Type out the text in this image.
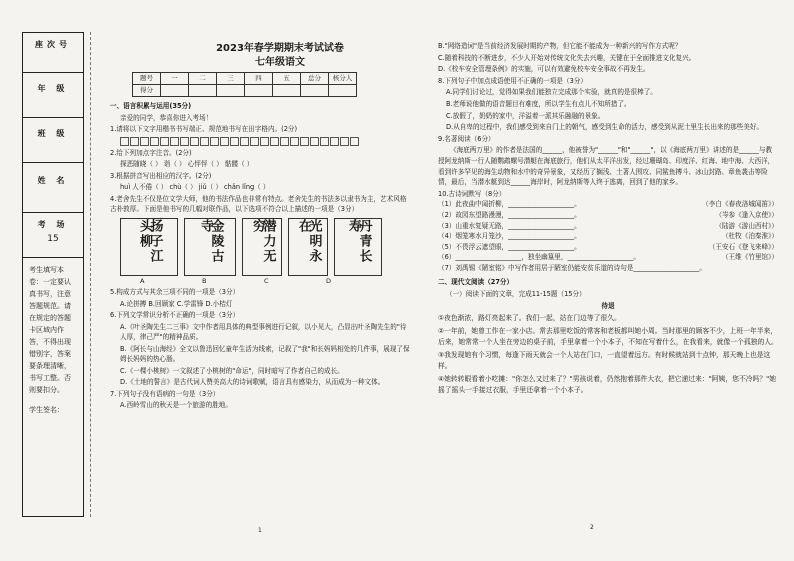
座次号
年 级
班 级
姓 名
考 场
15
考生填写本卷：一定要认真书写，注意答题规范。请在规定的答题卡区域内作答，不得出现错别字，答案要条理清晰，书写工整。否则要扣分。
学生签名：
2023年春学期期末考试试卷
七年级语文
题号	一	二	三	四	五	总分	核分人
得分							
一、语言积累与运用(35分)
亲爱的同学，恭喜你进入考场！
1.请将以下文字用楷书书写端正、规范地书写在田字格内。(2分)
2.给下列加点字注音。(2分)
探恶随晓（ ） 诣（ ） 心怦怦（ ） 骷髅（ ）
3.根据拼音写出相应的汉字。(2分)
huì 人不倦（ ） chù（ ） jiǔ（ ） chǎn lǐng（ ）
4.老舍先生不仅是位文学大师，他的书法作品也非常有特点。老舍先生的书法多以隶书为主，艺术风格古朴敦厚。下面是他书写的几幅对联作品，以下选项不符合以上描述的一项是（3分）
扬子江头柳	金陵古寺	潜力无穷	光明永在	丹青长寿
A	B	C	D
5.构成方式与其余三项不同的一项是（3分）
A.论拼搏 B.回顾家 C.学雷锋 D.小桔灯
6.下列文学常识分析不正确的一项是（3分）
A.《叶圣陶先生二三事》文中作者用具体的典型事例进行记叙，以小见大，凸显出叶圣陶先生的"待人厚，律己严"的精神品质。
B.《阿长与山海经》全文以鲁迅回忆童年生活为线索，记叙了"我"和长妈妈相处的几件事，展现了保姆长妈妈的热心肠。
C.《一棵小桃树》一文叙述了小桃树的"命运"，同时暗写了作者自己的成长。
D.《土地的誓言》是古代词人赞美高大的诗词歌赋，语言具有感染力，从而成为一种文体。
7.下列句子没有语病的一句是（3分）
A.西岭雪山的秋天是一个旅游的胜地。
1
B."网络造词"是当前经济发展时期的产物，但它能不能成为一种新兴的写作方式呢？
C.随着科技的不断进步，不少人开始对传统文化失去兴趣，关键在于全面推进文化复兴。
D.《校车安全管理条例》的实施，可以有效避免校车安全事故不再发生。
8.下列句子中加点成语使用不正确的一项是（3分）
A.同学们讨论过，觉得如果我们能独立完成那个实验，就真的是很棒了。
B.老师说他做的语音题目有难度，所以学生有点儿不知所措了。
C.放假了，奶奶的家中，洋溢着一派其乐融融的景象。
D.从自卑的过程中，我们感受到来自门上的朝气，感受到生命的活力，感受到从泥土里生长出来的那些美好。
9.名著阅读（6分）
《海底两万里》的作者是法国的______，他被誉为"______"和"______"，以《海底两万里》讲述的是______与教授阿龙纳斯一行人随鹦鹉螺号潜艇在海底旅行，他们从太平洋出发，经过珊瑚岛、印度洋、红海、地中海、大西洋，看到许多罕见的海生动物和水中的奇异景象，又经历了搁浅、土著人围攻、同鲨鱼搏斗、冰山封路、章鱼袭击等险情，最后，当潜水艇到达______海岸时，阿龙纳斯等人终于逃离，回到了他的家乡。
10.古诗词默写（8分）
（1）此夜曲中闻折柳，____________________。	（李白《春夜洛城闻笛》）
（2）故园东望路漫漫，____________________。	（岑参《逢入京使》）
（3）山重水复疑无路，____________________。	（陆游《游山西村》）
（4）烟笼寒水月笼沙，____________________。	（杜牧《泊秦淮》）
（5）不畏浮云遮望眼，____________________。	（王安石《登飞来峰》）
（6）____________________，独坐幽篁里，____________________。	（王维《竹里馆》）
（7）刘禹锡《陋室铭》中写作者用居于陋室仍能安贫乐道的诗句是____________________。
二、现代文阅读（27分）
（一）阅读下面的文章，完成11-15题（15分）
待退
①夜色渐浓，路灯亮起来了。我们一起，站在门边等了很久。
②一年前，她曾工作在一家小店。常去那里吃饭的常客和老板都叫她小周。当时那里的顾客不少，上班一年半来，后来，她常常一个人坐在旁边的桌子前，手里拿着一个小本子，不知在写着什么，在我看来，就像一个孤独的人。
③我发现她有个习惯，每逢下雨天就会一个人站在门口，一直望着远方。有时候就站到十点钟，那天晚上也是这样。
④她转转眼看着小吃摊："你怎么又过来了？"男孩说着，仍然抱着那件大衣，把它递过来："阿姨，您不冷吗？"她摇了摇头一手接过衣服，手里还拿着一个小本子。
2
